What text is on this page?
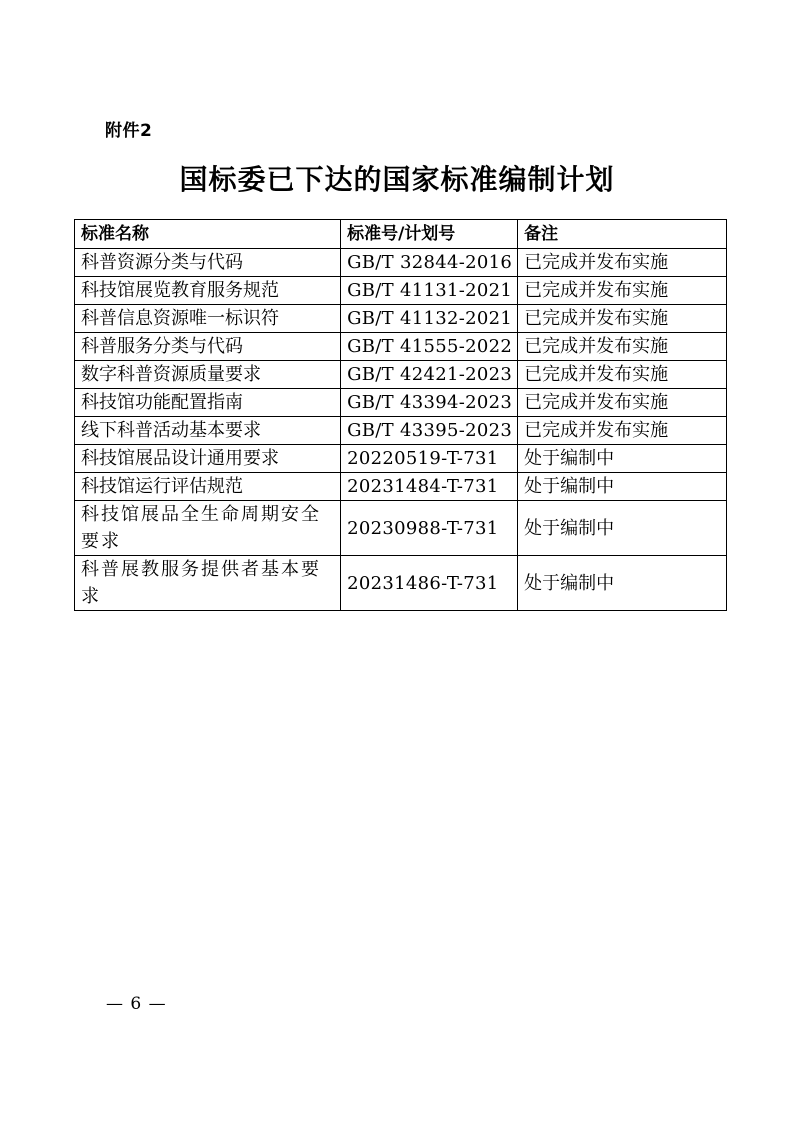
附件2
国标委已下达的国家标准编制计划
标准名称	标准号/计划号	备注
科普资源分类与代码	GB/T 32844-2016	已完成并发布实施
科技馆展览教育服务规范	GB/T 41131-2021	已完成并发布实施
科普信息资源唯一标识符	GB/T 41132-2021	已完成并发布实施
科普服务分类与代码	GB/T 41555-2022	已完成并发布实施
数字科普资源质量要求	GB/T 42421-2023	已完成并发布实施
科技馆功能配置指南	GB/T 43394-2023	已完成并发布实施
线下科普活动基本要求	GB/T 43395-2023	已完成并发布实施
科技馆展品设计通用要求	20220519-T-731	处于编制中
科技馆运行评估规范	20231484-T-731	处于编制中
科技馆展品全生命周期安全要求	20230988-T-731	处于编制中
科普展教服务提供者基本要求	20231486-T-731	处于编制中
— 6 —
